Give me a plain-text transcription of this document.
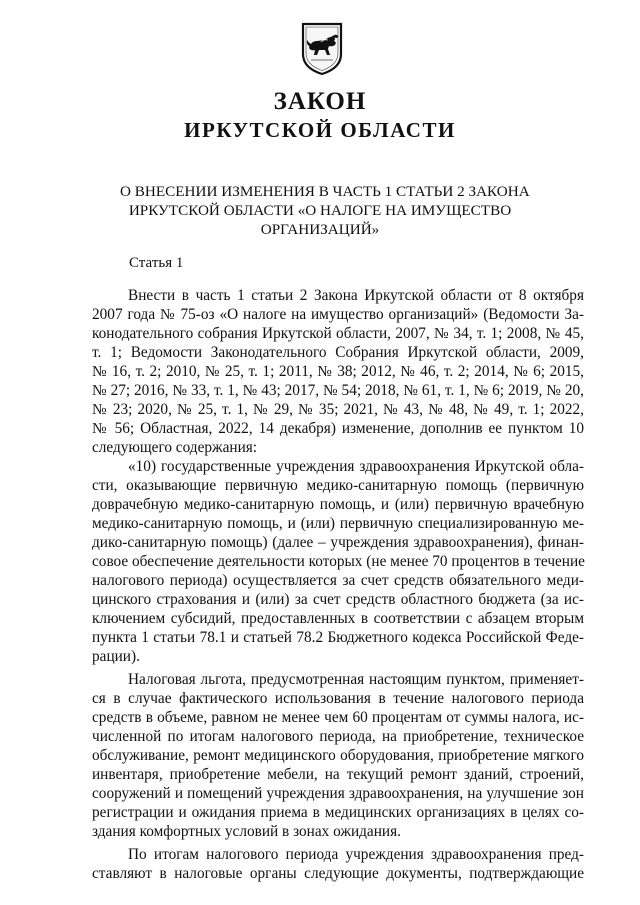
ЗАКОН
ИРКУТСКОЙ ОБЛАСТИ
О ВНЕСЕНИИ ИЗМЕНЕНИЯ В ЧАСТЬ 1 СТАТЬИ 2 ЗАКОНА
ИРКУТСКОЙ ОБЛАСТИ «О НАЛОГЕ НА ИМУЩЕСТВО
ОРГАНИЗАЦИЙ»
Статья 1
Внести в часть 1 статьи 2 Закона Иркутской области от 8 октября
2007 года № 75-оз «О налоге на имущество организаций» (Ведомости За-
конодательного собрания Иркутской области, 2007, № 34, т. 1; 2008, № 45,
т. 1; Ведомости Законодательного Собрания Иркутской области, 2009,
№ 16, т. 2; 2010, № 25, т. 1; 2011, № 38; 2012, № 46, т. 2; 2014, № 6; 2015,
№ 27; 2016, № 33, т. 1, № 43; 2017, № 54; 2018, № 61, т. 1, № 6; 2019, № 20,
№ 23; 2020, № 25, т. 1, № 29, № 35; 2021, № 43, № 48, № 49, т. 1; 2022,
№ 56; Областная, 2022, 14 декабря) изменение, дополнив ее пунктом 10
следующего содержания:
«10) государственные учреждения здравоохранения Иркутской обла-
сти, оказывающие первичную медико-санитарную помощь (первичную
доврачебную медико-санитарную помощь, и (или) первичную врачебную
медико-санитарную помощь, и (или) первичную специализированную ме-
дико-санитарную помощь) (далее – учреждения здравоохранения), финан-
совое обеспечение деятельности которых (не менее 70 процентов в течение
налогового периода) осуществляется за счет средств обязательного меди-
цинского страхования и (или) за счет средств областного бюджета (за ис-
ключением субсидий, предоставленных в соответствии с абзацем вторым
пункта 1 статьи 78.1 и статьей 78.2 Бюджетного кодекса Российской Феде-
рации).
Налоговая льгота, предусмотренная настоящим пунктом, применяет-
ся в случае фактического использования в течение налогового периода
средств в объеме, равном не менее чем 60 процентам от суммы налога, ис-
численной по итогам налогового периода, на приобретение, техническое
обслуживание, ремонт медицинского оборудования, приобретение мягкого
инвентаря, приобретение мебели, на текущий ремонт зданий, строений,
сооружений и помещений учреждения здравоохранения, на улучшение зон
регистрации и ожидания приема в медицинских организациях в целях со-
здания комфортных условий в зонах ожидания.
По итогам налогового периода учреждения здравоохранения пред-
ставляют в налоговые органы следующие документы, подтверждающие
